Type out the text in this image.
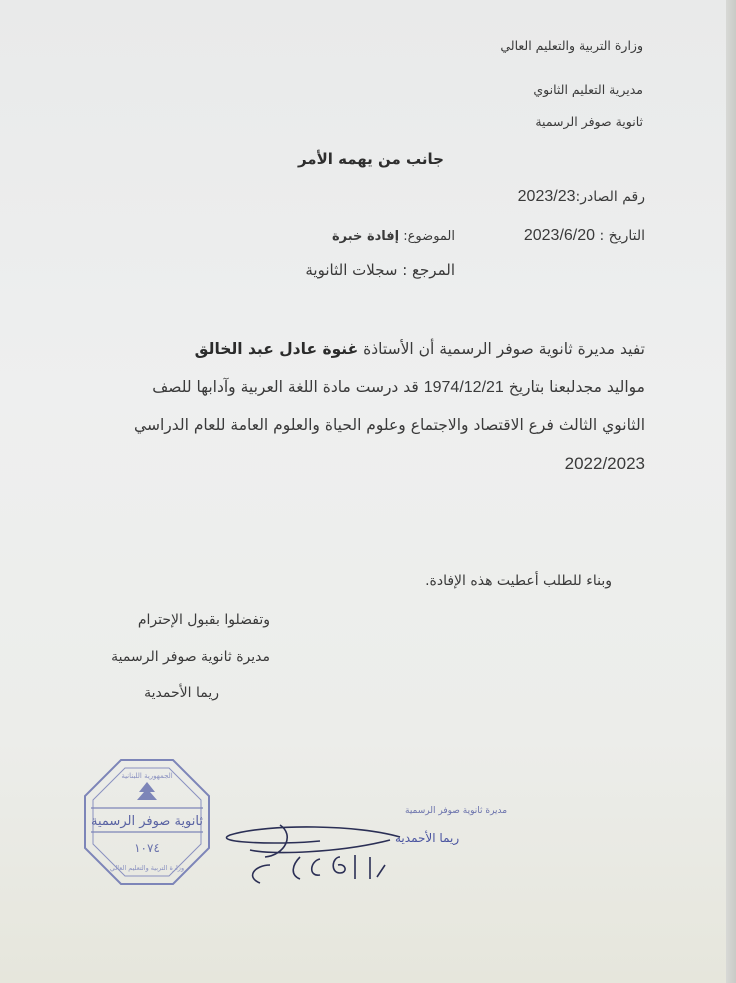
وزارة التربية والتعليم العالي
مديرية التعليم الثانوي
ثانوية صوفر الرسمية
جانب من يهمه الأمر
رقم الصادر:2023/23
التاريخ : 2023/6/20
الموضوع: إفادة خبرة
المرجع : سجلات الثانوية
تفيد مديرة ثانوية صوفر الرسمية أن الأستاذة غنوة عادل عبد الخالق
مواليد مجدلبعنا بتاريخ 1974/12/21 قد درست مادة اللغة العربية وآدابها للصف
الثانوي الثالث فرع الاقتصاد والاجتماع وعلوم الحياة والعلوم العامة للعام الدراسي
2022/2023
وبناء للطلب أعطيت هذه الإفادة.
وتفضلوا بقبول الإحترام
مديرة ثانوية صوفر الرسمية
ريما الأحمدية
ثانوية صوفر الرسمية
١٠٧٤
الجمهورية اللبنانية
وزارة التربية والتعليم العالي
مديرة ثانوية صوفر الرسمية
ريما الأحمدية
